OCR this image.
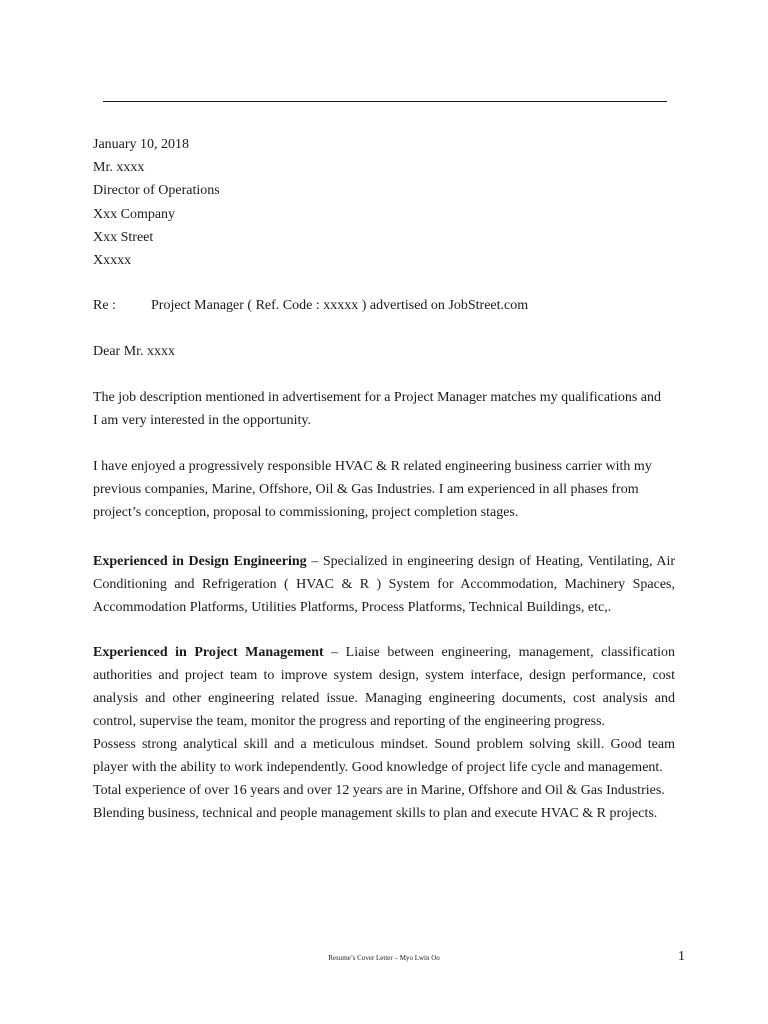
January 10, 2018
Mr. xxxx
Director of Operations
Xxx Company
Xxx Street
Xxxxx
Re :	Project Manager ( Ref. Code : xxxxx ) advertised on JobStreet.com
Dear Mr. xxxx
The job description mentioned in advertisement for a Project Manager matches my qualifications and
I am very interested in the opportunity.
I have enjoyed a progressively responsible HVAC & R related engineering business carrier with my
previous companies, Marine, Offshore, Oil & Gas Industries. I am experienced in all phases from
project’s conception, proposal to commissioning, project completion stages.
Experienced in Design Engineering – Specialized in engineering design of Heating, Ventilating, Air
Conditioning and Refrigeration ( HVAC & R ) System for Accommodation, Machinery Spaces,
Accommodation Platforms, Utilities Platforms, Process Platforms, Technical Buildings, etc,.
Experienced in Project Management – Liaise between engineering, management, classification
authorities and project team to improve system design, system interface, design performance, cost
analysis and other engineering related issue. Managing engineering documents, cost analysis and
control, supervise the team, monitor the progress and reporting of the engineering progress.
Possess strong analytical skill and a meticulous mindset. Sound problem solving skill. Good team
player with the ability to work independently. Good knowledge of project life cycle and management.
Total experience of over 16 years and over 12 years are in Marine, Offshore and Oil & Gas Industries.
Blending business, technical and people management skills to plan and execute HVAC & R projects.
Resume’s Cover Letter – Myo Lwin Oo	1
